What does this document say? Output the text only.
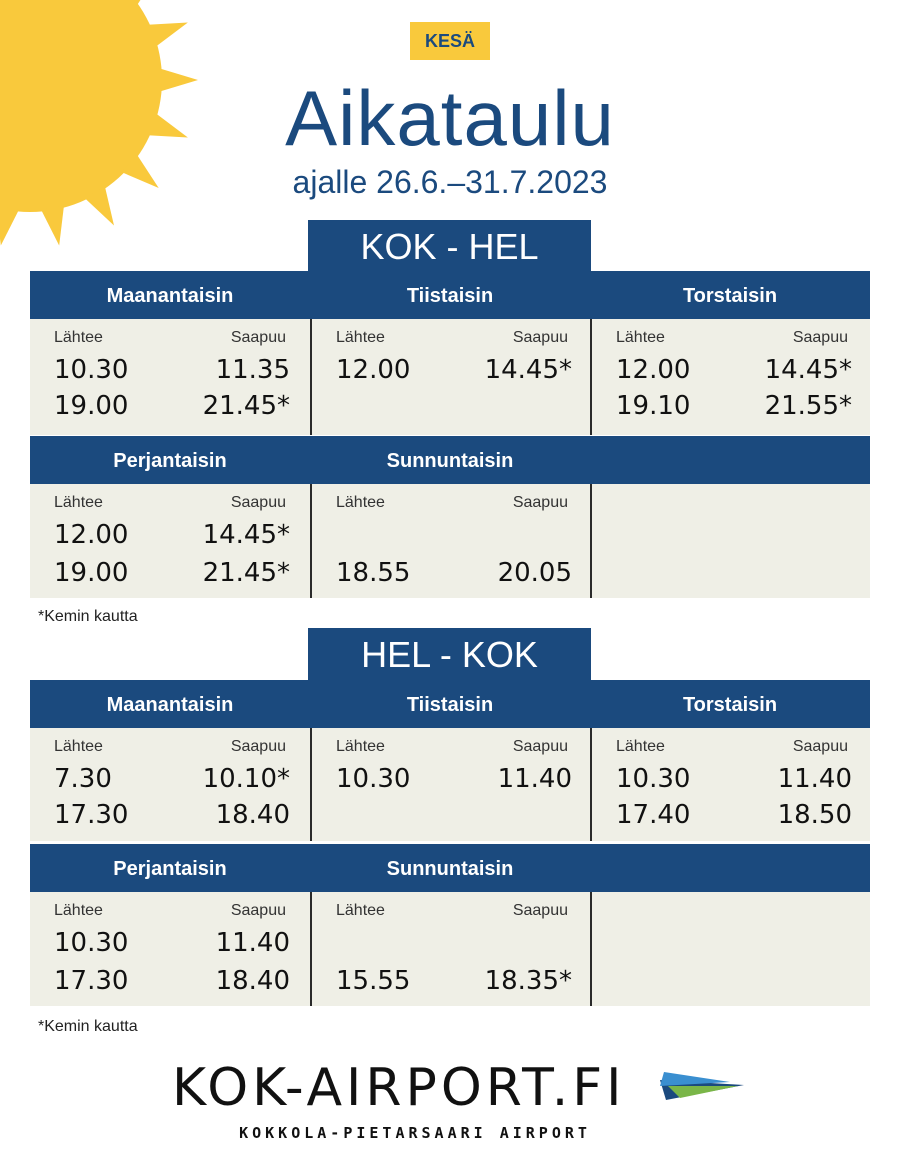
KESÄ
Aikataulu
ajalle 26.6.–31.7.2023
KOK - HEL
Maanantaisin	Tiistaisin	Torstaisin
Lähtee	Saapuu
10.30	11.35
19.00	21.45*
Lähtee	Saapuu
12.00	14.45*
Lähtee	Saapuu
12.00	14.45*
19.10	21.55*
Perjantaisin	Sunnuntaisin
Lähtee	Saapuu
12.00	14.45*
19.00	21.45*
Lähtee	Saapuu
18.55	20.05
*Kemin kautta
HEL - KOK
Maanantaisin	Tiistaisin	Torstaisin
Lähtee	Saapuu
7.30	10.10*
17.30	18.40
Lähtee	Saapuu
10.30	11.40
Lähtee	Saapuu
10.30	11.40
17.40	18.50
Perjantaisin	Sunnuntaisin
Lähtee	Saapuu
10.30	11.40
17.30	18.40
Lähtee	Saapuu
15.55	18.35*
*Kemin kautta
KOK-AIRPORT.FI
KOKKOLA-PIETARSAARI AIRPORT
